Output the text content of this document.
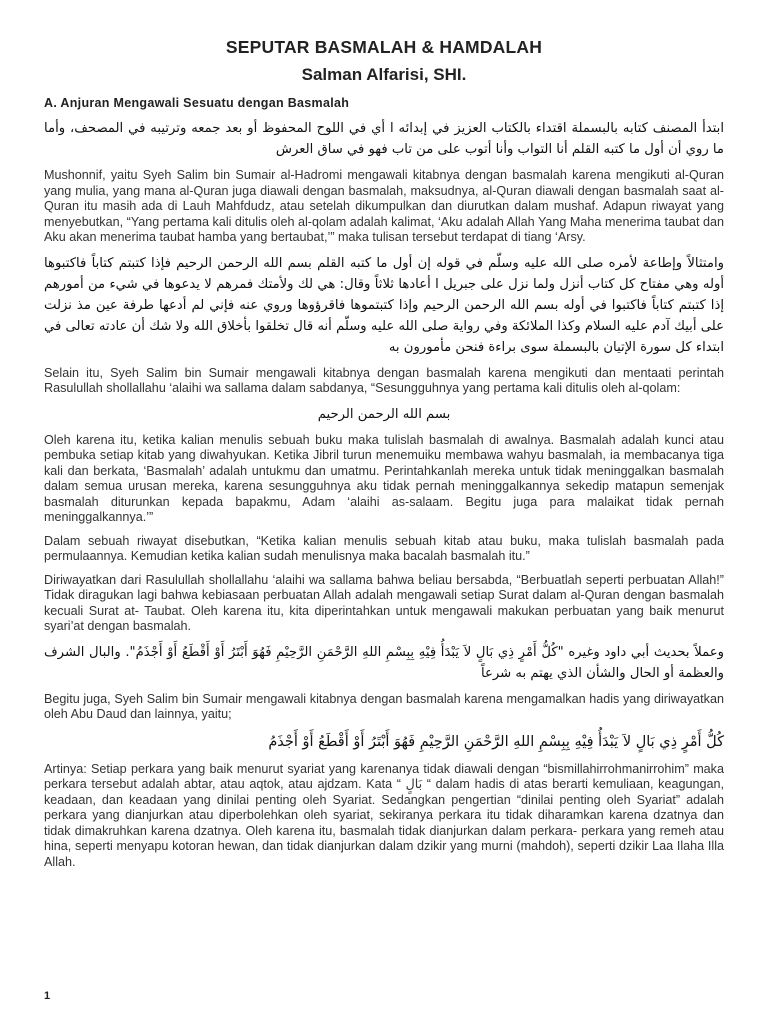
SEPUTAR BASMALAH & HAMDALAH
Salman Alfarisi, SHI.
A. Anjuran Mengawali Sesuatu dengan Basmalah

ابتدأ المصنف كتابه بالبسملة اقتداء بالكتاب العزيز في إبدائه ا أي في اللوح المحفوظ أو بعد جمعه وترتيبه في المصحف، وأما ما روي أن أول ما كتبه القلم أنا التواب وأنا أتوب على من تاب فهو في ساق العرش

Mushonnif, yaitu Syeh Salim bin Sumair al-Hadromi mengawali kitabnya dengan basmalah karena mengikuti al-Quran yang mulia, yang mana al-Quran juga diawali dengan basmalah, maksudnya, al-Quran diawali dengan basmalah saat al-Quran itu masih ada di Lauh Mahfdudz, atau setelah dikumpulkan dan diurutkan dalam mushaf. Adapun riwayat yang menyebutkan, “Yang pertama kali ditulis oleh al-qolam adalah kalimat, ‘Aku adalah Allah Yang Maha menerima taubat dan Aku akan menerima taubat hamba yang bertaubat,’” maka tulisan tersebut terdapat di tiang ‘Arsy.

وامتثالاً وإطاعة لأمره صلى الله عليه وسلّم في قوله إن أول ما كتبه القلم بسم الله الرحمن الرحيم فإذا كتبتم كتاباً فاكتبوها أوله وهي مفتاح كل كتاب أنزل ولما نزل على جبريل ا أعادها ثلاثاً وقال: هي لك ولأمتك فمرهم لا يدعوها في شيء من أمورهم إذا كتبتم كتاباً فاكتبوا في أوله بسم الله الرحمن الرحيم وإذا كتبتموها فاقرؤوها وروي عنه فإني لم أدعها طرفة عين مذ نزلت على أبيك آدم عليه السلام وكذا الملائكة وفي رواية صلى الله عليه وسلّم أنه قال تخلقوا بأخلاق الله ولا شك أن عادته تعالى في ابتداء كل سورة الإتيان بالبسملة سوى براءة فنحن مأمورون به

Selain itu, Syeh Salim bin Sumair mengawali kitabnya dengan basmalah karena mengikuti dan mentaati perintah Rasulullah shollallahu ‘alaihi wa sallama dalam sabdanya, “Sesungguhnya yang pertama kali ditulis oleh al-qolam:

بسم الله الرحمن الرحيم

Oleh karena itu, ketika kalian menulis sebuah buku maka tulislah basmalah di awalnya. Basmalah adalah kunci atau pembuka setiap kitab yang diwahyukan. Ketika Jibril turun menemuiku membawa wahyu basmalah, ia membacanya tiga kali dan berkata, ‘Basmalah’ adalah untukmu dan umatmu. Perintahkanlah mereka untuk tidak meninggalkan basmalah dalam semua urusan mereka, karena sesungguhnya aku tidak pernah meninggalkannya sekedip matapun semenjak basmalah diturunkan kepada bapakmu, Adam ‘alaihi as-salaam. Begitu juga para malaikat tidak pernah meninggalkannya.’”

Dalam sebuah riwayat disebutkan, “Ketika kalian menulis sebuah kitab atau buku, maka tulislah basmalah pada permulaannya. Kemudian ketika kalian sudah menulisnya maka bacalah basmalah itu.”

Diriwayatkan dari Rasulullah shollallahu ‘alaihi wa sallama bahwa beliau bersabda, “Berbuatlah seperti perbuatan Allah!” Tidak diragukan lagi bahwa kebiasaan perbuatan Allah adalah mengawali setiap Surat dalam al-Quran dengan basmalah kecuali Surat at- Taubat. Oleh karena itu, kita diperintahkan untuk mengawali makukan perbuatan yang baik menurut syari’at dengan basmalah.

وعملاً بحديث أبي داود وغيره "كُلُّ أَمْرٍ ذِي بَالٍ لاَ يَبْدَأُ فِيْهِ بِبِسْمِ اللهِ الرَّحْمَنِ الرَّحِيْمِ فَهُوَ أَبْتَرُ أَوْ أَقْطَعُ أَوْ أَجْذَمُ". والبال الشرف والعظمة أو الحال والشأن الذي يهتم به شرعاً

Begitu juga, Syeh Salim bin Sumair mengawali kitabnya dengan basmalah karena mengamalkan hadis yang diriwayatkan oleh Abu Daud dan lainnya, yaitu;

كُلُّ أَمْرٍ ذِي بَالٍ لاَ يَبْدَأُ فِيْهِ بِبِسْمِ اللهِ الرَّحْمَنِ الرَّحِيْمِ فَهُوَ أَبْتَرُ أَوْ أَقْطَعُ أَوْ أَجْذَمُ

Artinya: Setiap perkara yang baik menurut syariat yang karenanya tidak diawali dengan “bismillahirrohmanirrohim” maka perkara tersebut adalah abtar, atau aqtok, atau ajdzam. Kata “ بَالٍ “ dalam hadis di atas berarti kemuliaan, keagungan, keadaan, dan keadaan yang dinilai penting oleh Syariat. Sedangkan pengertian “dinilai penting oleh Syariat” adalah perkara yang dianjurkan atau diperbolehkan oleh syariat, sekiranya perkara itu tidak diharamkan karena dzatnya dan tidak dimakruhkan karena dzatnya. Oleh karena itu, basmalah tidak dianjurkan dalam perkara- perkara yang remeh atau hina, seperti menyapu kotoran hewan, dan tidak dianjurkan dalam dzikir yang murni (mahdoh), seperti dzikir Laa Ilaha Illa Allah.

1
